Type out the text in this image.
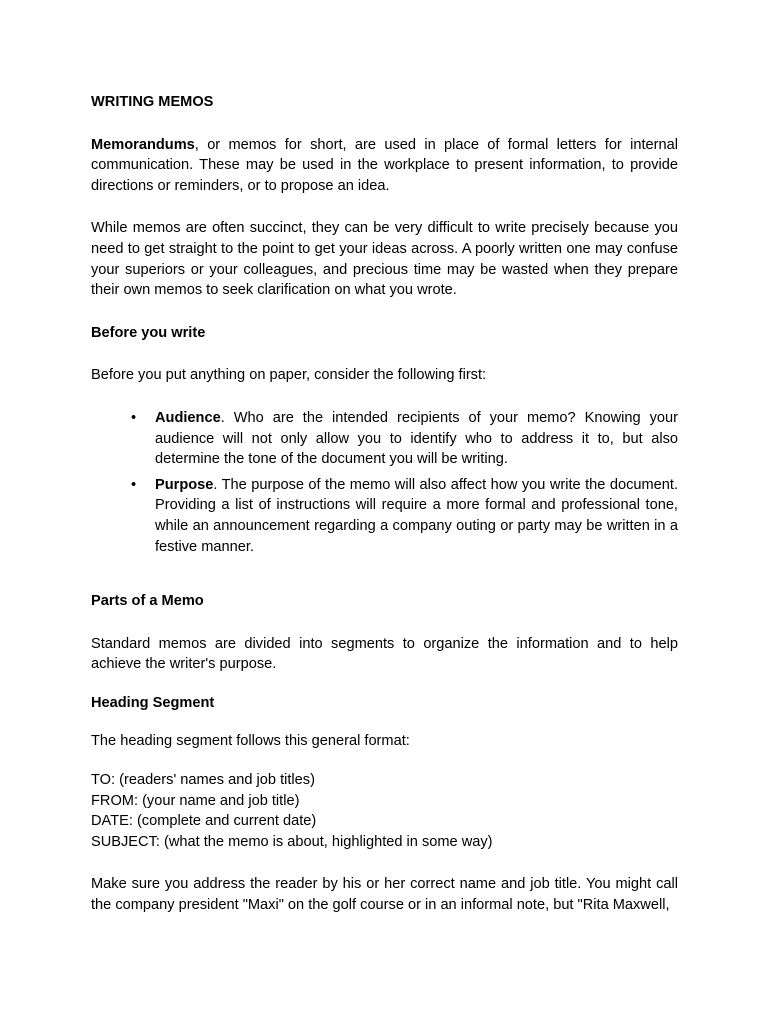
WRITING MEMOS

Memorandums, or memos for short, are used in place of formal letters for internal communication. These may be used in the workplace to present information, to provide directions or reminders, or to propose an idea.

While memos are often succinct, they can be very difficult to write precisely because you need to get straight to the point to get your ideas across. A poorly written one may confuse your superiors or your colleagues, and precious time may be wasted when they prepare their own memos to seek clarification on what you wrote.

Before you write

Before you put anything on paper, consider the following first:

• Audience. Who are the intended recipients of your memo? Knowing your audience will not only allow you to identify who to address it to, but also determine the tone of the document you will be writing.
• Purpose. The purpose of the memo will also affect how you write the document. Providing a list of instructions will require a more formal and professional tone, while an announcement regarding a company outing or party may be written in a festive manner.

Parts of a Memo

Standard memos are divided into segments to organize the information and to help achieve the writer's purpose.

Heading Segment

The heading segment follows this general format:

TO: (readers' names and job titles)
FROM: (your name and job title)
DATE: (complete and current date)
SUBJECT: (what the memo is about, highlighted in some way)

Make sure you address the reader by his or her correct name and job title. You might call the company president "Maxi" on the golf course or in an informal note, but "Rita Maxwell,
